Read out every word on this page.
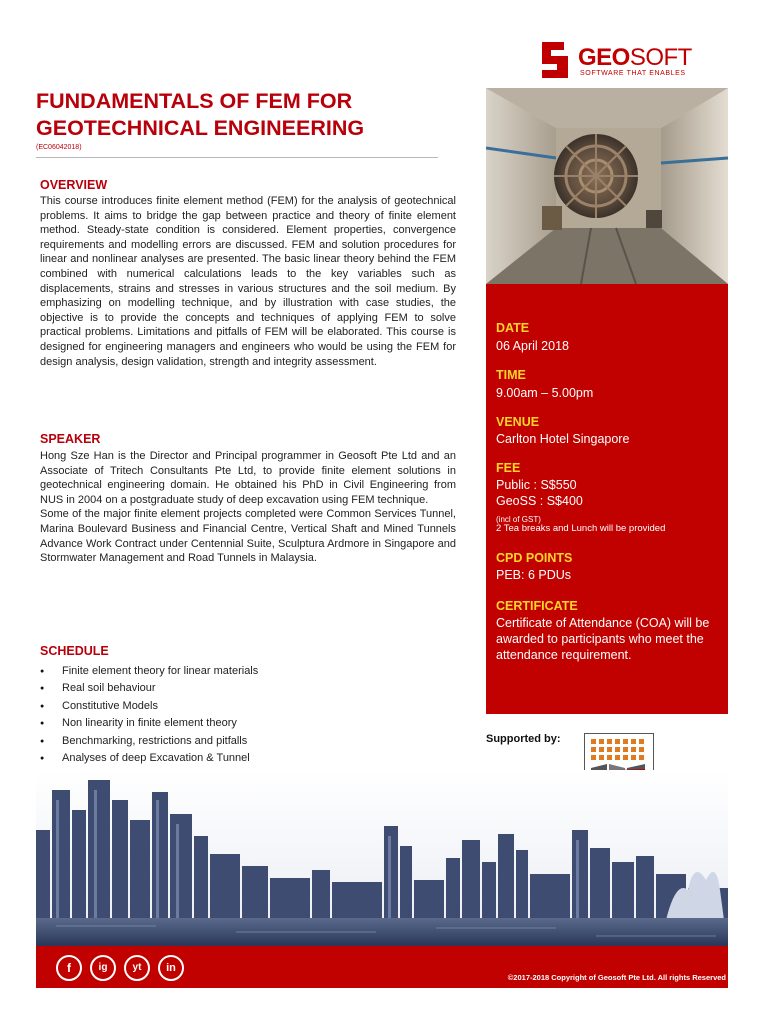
GEOSOFT
SOFTWARE THAT ENABLES
FUNDAMENTALS OF FEM FOR
GEOTECHNICAL ENGINEERING
(EC06042018)
OVERVIEW
This course introduces finite element method (FEM) for the analysis of geotechnical problems. It aims to bridge the gap between practice and theory of finite element method. Steady-state condition is considered. Element properties, convergence requirements and modelling errors are discussed. FEM and solution procedures for linear and nonlinear analyses are presented. The basic linear theory behind the FEM combined with numerical calculations leads to the key variables such as displacements, strains and stresses in various structures and the soil medium. By emphasizing on modelling technique, and by illustration with case studies, the objective is to provide the concepts and techniques of applying FEM to solve practical problems. Limitations and pitfalls of FEM will be elaborated. This course is designed for engineering managers and engineers who would be using the FEM for design analysis, design validation, strength and integrity assessment.
SPEAKER
Hong Sze Han is the Director and Principal programmer in Geosoft Pte Ltd and an Associate of Tritech Consultants Pte Ltd, to provide finite element solutions in geotechnical engineering domain. He obtained his PhD in Civil Engineering from NUS in 2004 on a postgraduate study of deep excavation using FEM technique.
Some of the major finite element projects completed were Common Services Tunnel, Marina Boulevard Business and Financial Centre, Vertical Shaft and Mined Tunnels Advance Work Contract under Centennial Suite, Sculptura Ardmore in Singapore and Stormwater Management and Road Tunnels in Malaysia.
SCHEDULE
● Finite element theory for linear materials
● Real soil behaviour
● Constitutive Models
● Non linearity in finite element theory
● Benchmarking, restrictions and pitfalls
● Analyses of deep Excavation & Tunnel
DATE
06 April 2018
TIME
9.00am – 5.00pm
VENUE
Carlton Hotel Singapore
FEE
Public : S$550
GeoSS : S$400
(incl of GST)
2 Tea breaks and Lunch will be provided
CPD POINTS
PEB: 6 PDUs
CERTIFICATE
Certificate of Attendance (COA) will be awarded to participants who meet the attendance requirement.
Supported by:
f	ig	yt	in
©2017-2018 Copyright of Geosoft Pte Ltd. All rights Reserved
